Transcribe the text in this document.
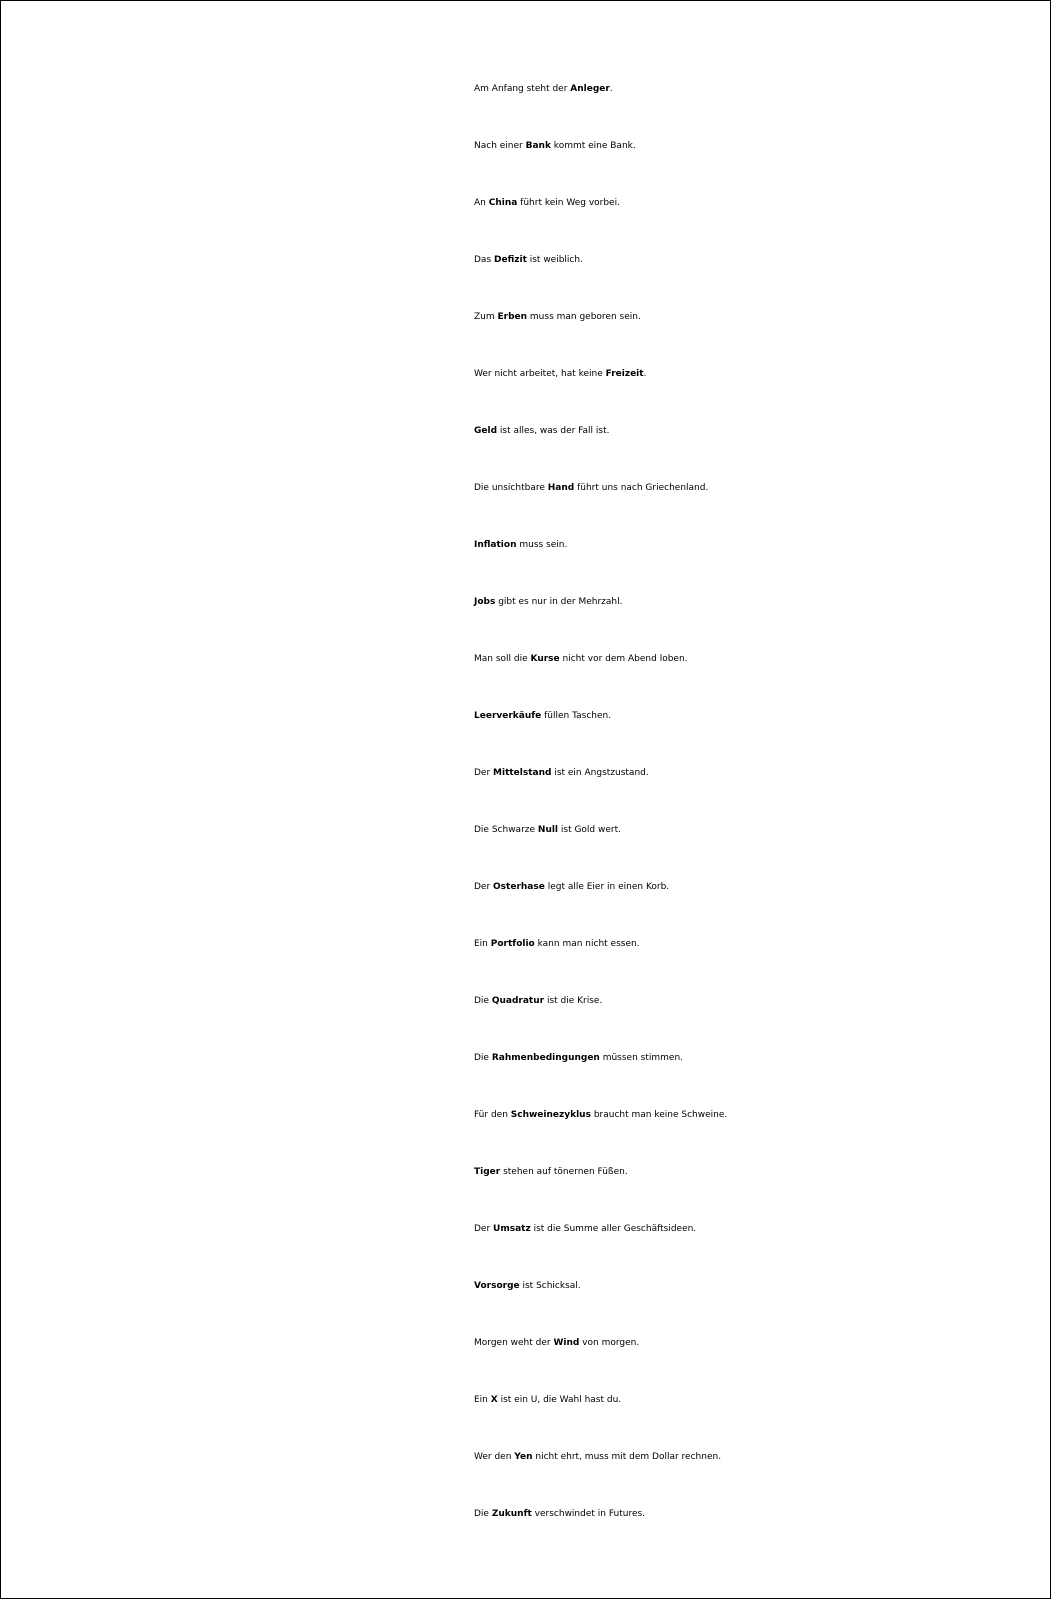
Am Anfang steht der Anleger.
Nach einer Bank kommt eine Bank.
An China führt kein Weg vorbei.
Das Defizit ist weiblich.
Zum Erben muss man geboren sein.
Wer nicht arbeitet, hat keine Freizeit.
Geld ist alles, was der Fall ist.
Die unsichtbare Hand führt uns nach Griechenland.
Inflation muss sein.
Jobs gibt es nur in der Mehrzahl.
Man soll die Kurse nicht vor dem Abend loben.
Leerverkäufe füllen Taschen.
Der Mittelstand ist ein Angstzustand.
Die Schwarze Null ist Gold wert.
Der Osterhase legt alle Eier in einen Korb.
Ein Portfolio kann man nicht essen.
Die Quadratur ist die Krise.
Die Rahmenbedingungen müssen stimmen.
Für den Schweinezyklus braucht man keine Schweine.
Tiger stehen auf tönernen Füßen.
Der Umsatz ist die Summe aller Geschäftsideen.
Vorsorge ist Schicksal.
Morgen weht der Wind von morgen.
Ein X ist ein U, die Wahl hast du.
Wer den Yen nicht ehrt, muss mit dem Dollar rechnen.
Die Zukunft verschwindet in Futures.
